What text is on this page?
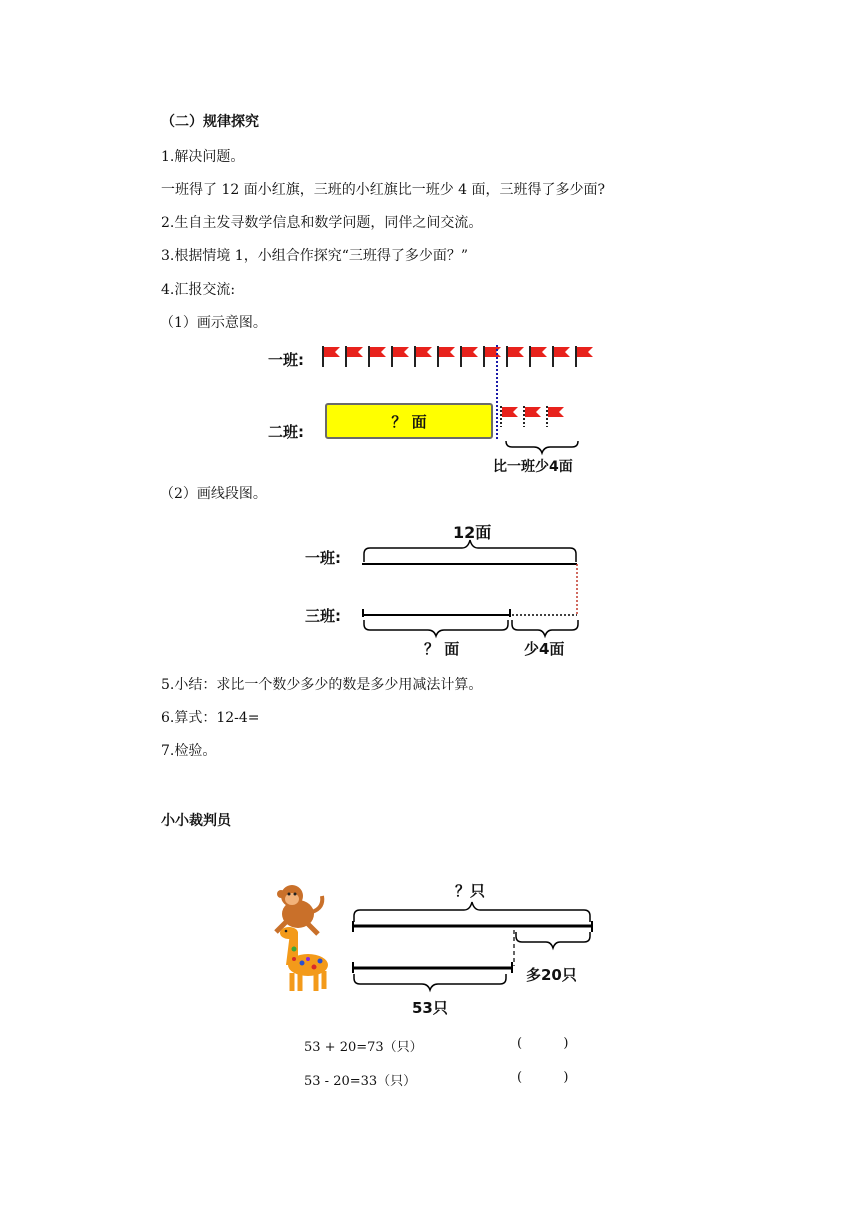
（二）规律探究
1.解决问题。
一班得了 12 面小红旗，三班的小红旗比一班少 4 面，三班得了多少面?
2.生自主发寻数学信息和数学问题，同伴之间交流。
3.根据情境 1，小组合作探究“三班得了多少面？”
4.汇报交流:
（1）画示意图。
一班:
二班:
？ 面
比一班少4面
（2）画线段图。
12面
一班:
三班:
？ 面	少4面
5.小结：求比一个数少多少的数是多少用减法计算。
6.算式：12-4=
7.检验。
小小裁判员
？只
多20只
53只
53 + 20=73（只）	(          )
53 - 20=33（只）	(          )
